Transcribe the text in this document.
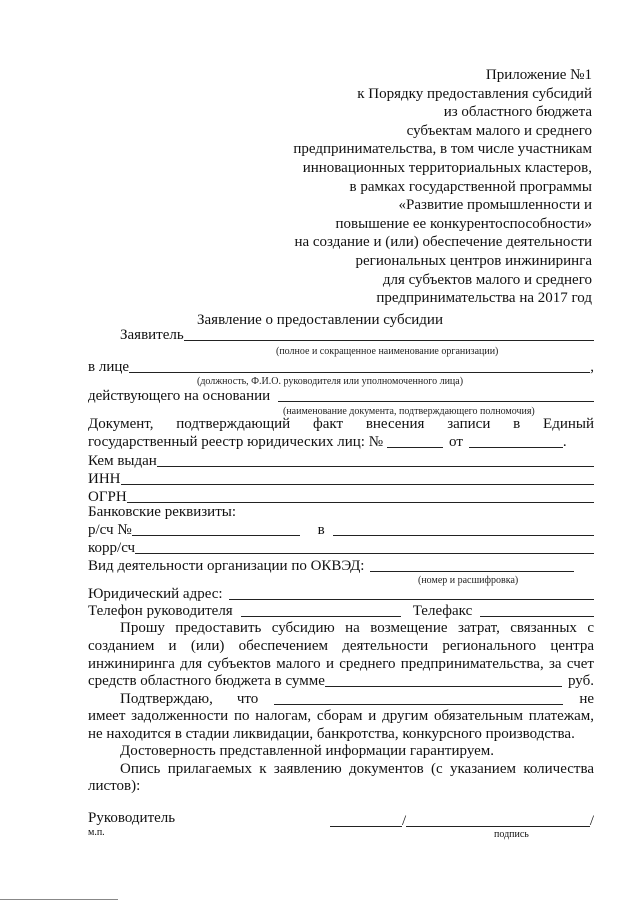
Приложение №1
к Порядку предоставления субсидий
из областного бюджета
субъектам малого и среднего
предпринимательства, в том числе участникам
инновационных территориальных кластеров,
в рамках государственной программы
«Развитие промышленности и
повышение ее конкурентоспособности»
на создание и (или) обеспечение деятельности
региональных центров инжиниринга
для субъектов малого и среднего
предпринимательства на 2017 год
Заявление о предоставлении субсидии
Заявитель
(полное и сокращенное наименование организации)
в лице	,
(должность, Ф.И.О. руководителя или уполномоченного лица)
действующего на основании
(наименование документа, подтверждающего полномочия)
Документ, подтверждающий факт внесения записи в Единый
государственный реестр юридических лиц: №	от	.
Кем выдан
ИНН
ОГРН
Банковские реквизиты:
р/сч №	в
корр/сч
Вид деятельности организации по ОКВЭД:
(номер и расшифровка)
Юридический адрес:
Телефон руководителя	Телефакс
Прошу предоставить субсидию на возмещение затрат, связанных с
созданием и (или) обеспечением деятельности регионального центра
инжиниринга для субъектов малого и среднего предпринимательства, за счет
средств областного бюджета в сумме	руб.
Подтверждаю, что	не
имеет задолженности по налогам, сборам и другим обязательным платежам,
не находится в стадии ликвидации, банкротства, конкурсного производства.
Достоверность представленной информации гарантируем.
Опись прилагаемых к заявлению документов (с указанием количества
листов):
Руководитель	/	/
м.п.	подпись
